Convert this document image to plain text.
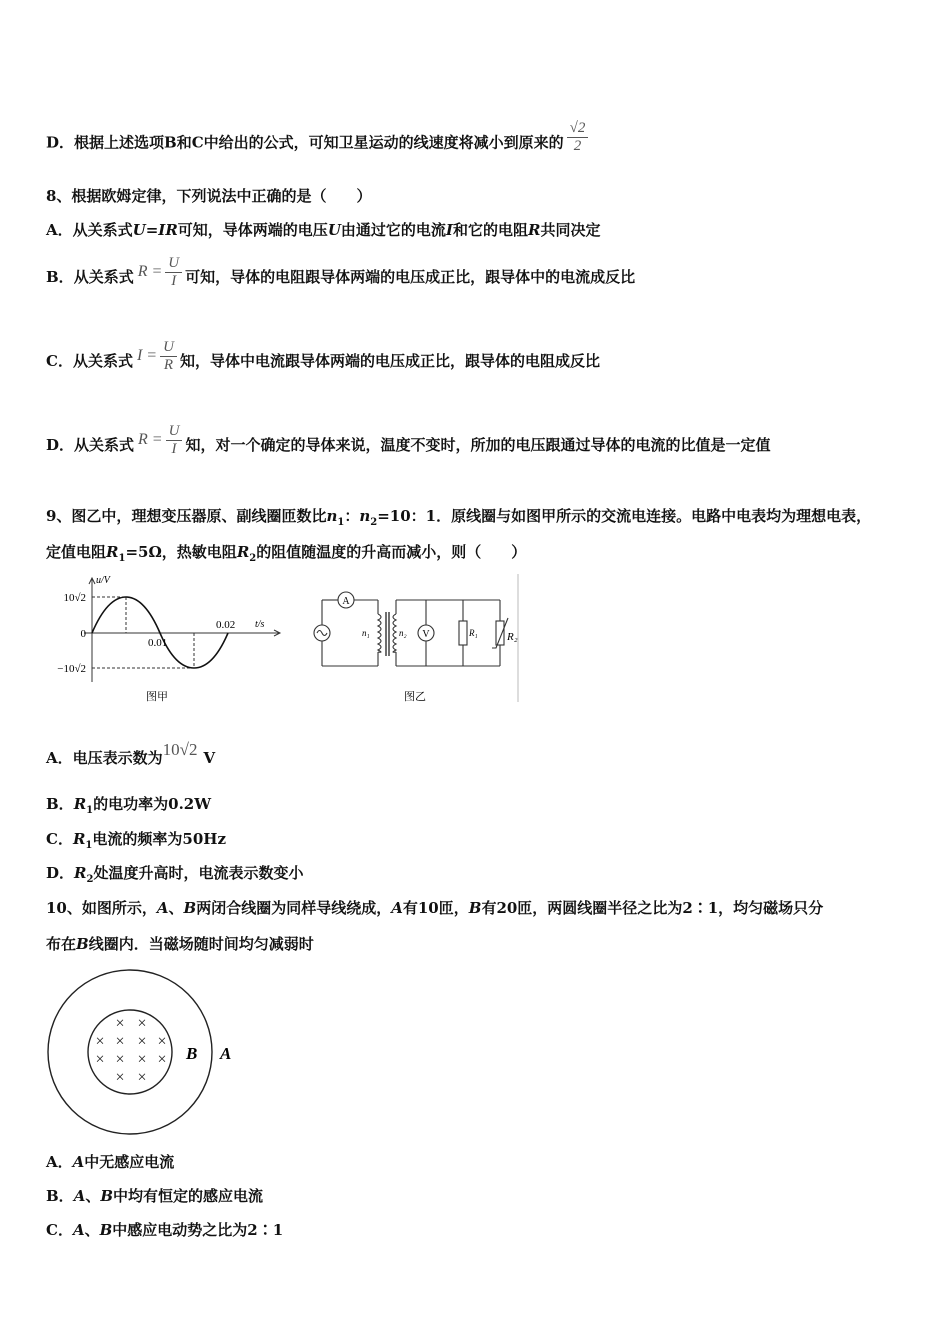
D．根据上述选项B和C中给出的公式，可知卫星运动的线速度将减小到原来的 $\frac{√2}{2}$
8、根据欧姆定律，下列说法中正确的是（　　）
A．从关系式U=IR可知，导体两端的电压U由通过它的电流I和它的电阻R共同决定
B．从关系式 $R = \frac{U}{I}$ 可知，导体的电阻跟导体两端的电压成正比，跟导体中的电流成反比
C．从关系式 $I = \frac{U}{R}$ 知，导体中电流跟导体两端的电压成正比，跟导体的电阻成反比
D．从关系式 $R = \frac{U}{I}$ 知，对一个确定的导体来说，温度不变时，所加的电压跟通过导体的电流的比值是一定值
9、图乙中，理想变压器原、副线圈匝数比$n_1$：$n_2=10$：1．原线圈与如图甲所示的交流电连接。电路中电表均为理想电表，
定值电阻$R_1=5\Omega$，热敏电阻$R_2$的阻值随温度的升高而减小，则（　　）
u/V
t/s
10√2
0
−10√2
0.01
0.02
图甲
A
V
n₁	n₂	R₁	R₂
图乙
A．电压表示数为10√2 V
B．$R_1$的电功率为0.2W
C．$R_1$电流的频率为50Hz
D．$R_2$处温度升高时，电流表示数变小
10、如图所示，A、B两闭合线圈为同样导线绕成，A有10匝，B有20匝，两圆线圈半径之比为2∶1，均匀磁场只分
布在B线圈内．当磁场随时间均匀减弱时
× ×
× × × ×
× × × ×
× ×
B A
A．A中无感应电流
B．A、B中均有恒定的感应电流
C．A、B中感应电动势之比为2∶1
